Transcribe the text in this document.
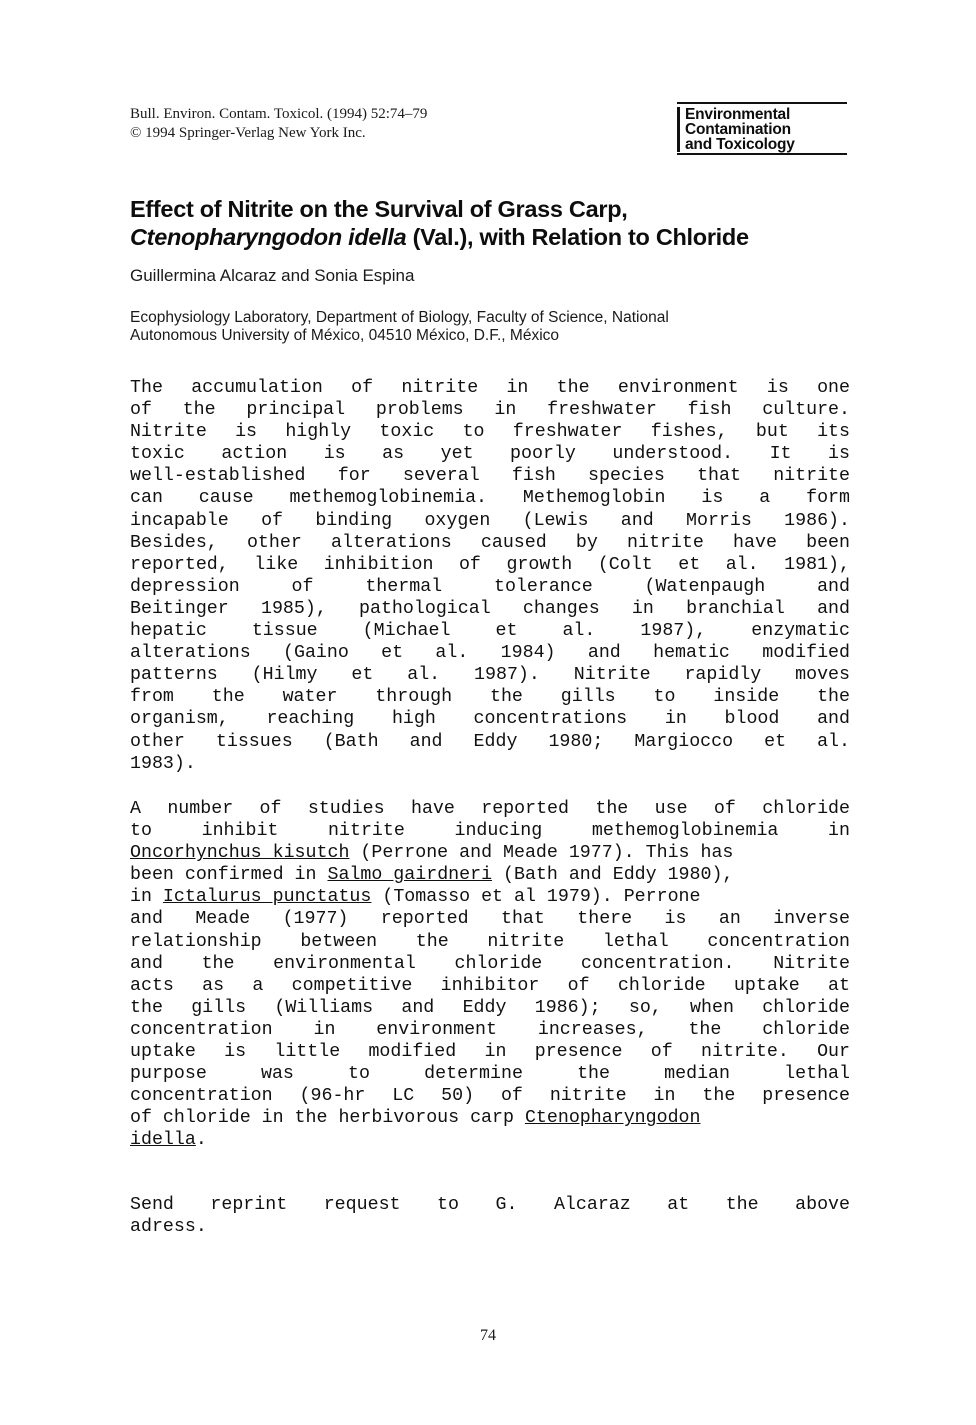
Bull. Environ. Contam. Toxicol. (1994) 52:74–79
© 1994 Springer-Verlag New York Inc.
Environmental
Contamination
and Toxicology
Effect of Nitrite on the Survival of Grass Carp,
Ctenopharyngodon idella (Val.), with Relation to Chloride
Guillermina Alcaraz and Sonia Espina
Ecophysiology Laboratory, Department of Biology, Faculty of Science, National
Autonomous University of México, 04510 México, D.F., México
The accumulation of nitrite in the environment is one
of the principal problems in freshwater fish culture.
Nitrite is highly toxic to freshwater fishes, but its
toxic action is as yet poorly understood. It is
well-established for several fish species that nitrite
can cause methemoglobinemia. Methemoglobin is a form
incapable of binding oxygen (Lewis and Morris 1986).
Besides, other alterations caused by nitrite have been
reported, like inhibition of growth (Colt et al. 1981),
depression of thermal tolerance (Watenpaugh and
Beitinger 1985), pathological changes in branchial and
hepatic tissue (Michael et al. 1987), enzymatic
alterations (Gaino et al. 1984) and hematic modified
patterns (Hilmy et al. 1987). Nitrite rapidly moves
from the water through the gills to inside the
organism, reaching high concentrations in blood and
other tissues (Bath and Eddy 1980; Margiocco et al.
1983).
A number of studies have reported the use of chloride
to inhibit nitrite inducing methemoglobinemia in
Oncorhynchus kisutch (Perrone and Meade 1977). This has
been confirmed in Salmo gairdneri (Bath and Eddy 1980),
in Ictalurus punctatus (Tomasso et al 1979). Perrone
and Meade (1977) reported that there is an inverse
relationship between the nitrite lethal concentration
and the environmental chloride concentration. Nitrite
acts as a competitive inhibitor of chloride uptake at
the gills (Williams and Eddy 1986); so, when chloride
concentration in environment increases, the chloride
uptake is little modified in presence of nitrite. Our
purpose was to determine the median lethal
concentration (96-hr LC 50) of nitrite in the presence
of chloride in the herbivorous carp Ctenopharyngodon
idella.
Send reprint request to G. Alcaraz at the above
adress.
74
